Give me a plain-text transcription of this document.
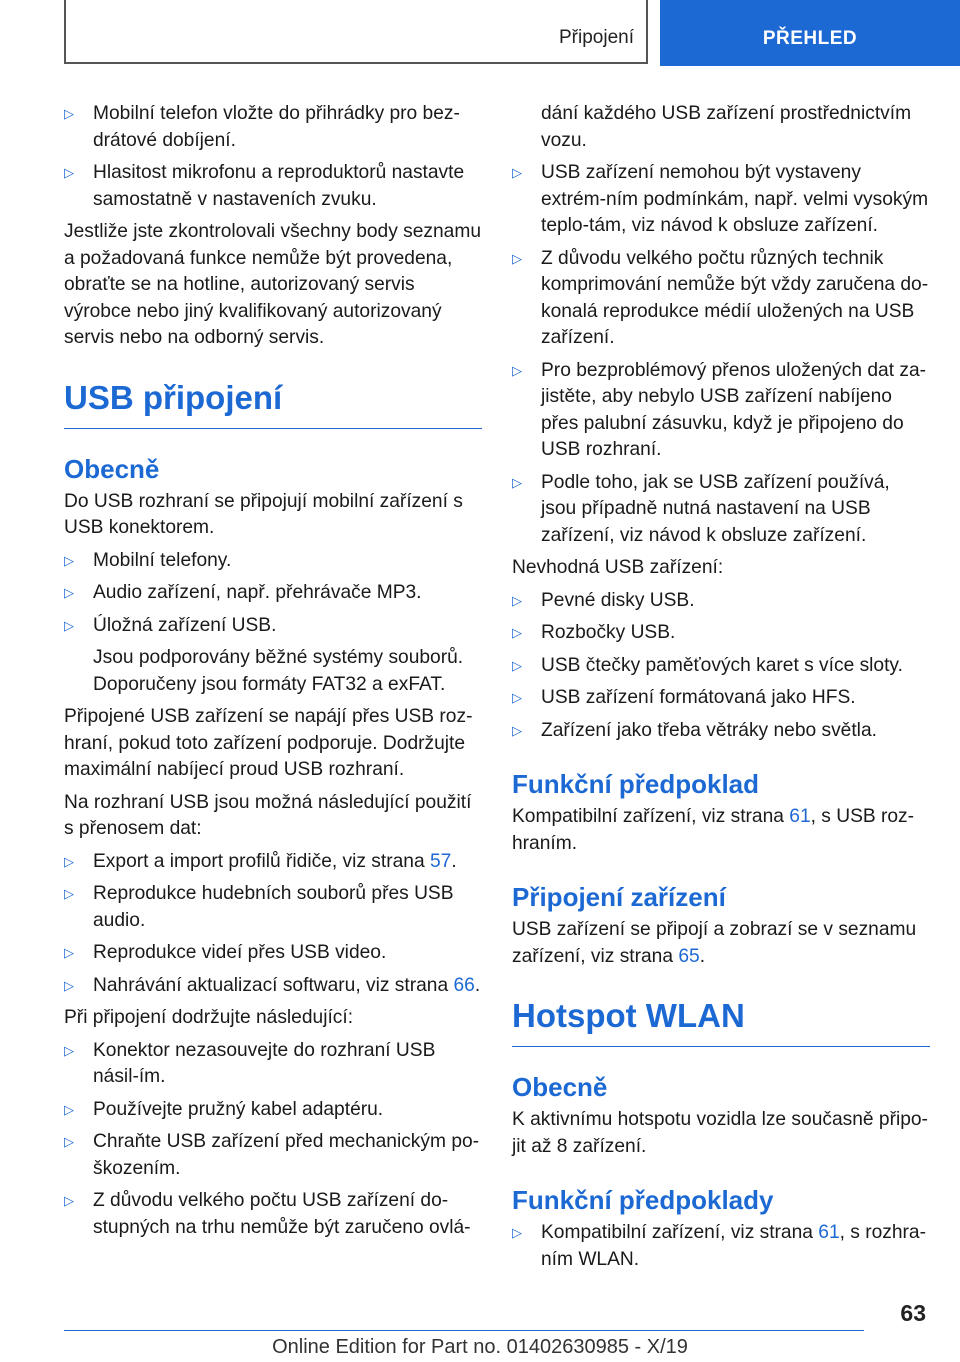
Připojení	PŘEHLED

▷ Mobilní telefon vložte do přihrádky pro bez‐drátové dobíjení.

▷ Hlasitost mikrofonu a reproduktorů nastavte samostatně v nastaveních zvuku.

Jestliže jste zkontrolovali všechny body seznamu a požadovaná funkce nemůže být provedena, obraťte se na hotline, autorizovaný servis výrobce nebo jiný kvalifikovaný autorizovaný servis nebo na odborný servis.

USB připojení
Obecně

Do USB rozhraní se připojují mobilní zařízení s USB konektorem.

▷ Mobilní telefony.

▷ Audio zařízení, např. přehrávače MP3.

▷ Úložná zařízení USB.

Jsou podporovány běžné systémy souborů. Doporučeny jsou formáty FAT32 a exFAT.

Připojené USB zařízení se napájí přes USB roz‐hraní, pokud toto zařízení podporuje. Dodržujte maximální nabíjecí proud USB rozhraní.

Na rozhraní USB jsou možná následující použití s přenosem dat:

▷ Export a import profilů řidiče, viz strana 57.

▷ Reprodukce hudebních souborů přes USB audio.

▷ Reprodukce videí přes USB video.

▷ Nahrávání aktualizací softwaru, viz strana 66.

Při připojení dodržujte následující:

▷ Konektor nezasouvejte do rozhraní USB násil‐ím.

▷ Používejte pružný kabel adaptéru.

▷ Chraňte USB zařízení před mechanickým po‐škozením.

▷ Z důvodu velkého počtu USB zařízení do‐stupných na trhu nemůže být zaručeno ovlá‐

dání každého USB zařízení prostřednictvím vozu.

▷ USB zařízení nemohou být vystaveny extrém‐ním podmínkám, např. velmi vysokým teplo‐tám, viz návod k obsluze zařízení.

▷ Z důvodu velkého počtu různých technik komprimování nemůže být vždy zaručena do‐konalá reprodukce médií uložených na USB zařízení.

▷ Pro bezproblémový přenos uložených dat za‐jistěte, aby nebylo USB zařízení nabíjeno přes palubní zásuvku, když je připojeno do USB rozhraní.

▷ Podle toho, jak se USB zařízení používá, jsou případně nutná nastavení na USB zařízení, viz návod k obsluze zařízení.

Nevhodná USB zařízení:

▷ Pevné disky USB.

▷ Rozbočky USB.

▷ USB čtečky paměťových karet s více sloty.

▷ USB zařízení formátovaná jako HFS.

▷ Zařízení jako třeba větráky nebo světla.

Funkční předpoklad

Kompatibilní zařízení, viz strana 61, s USB roz‐hraním.

Připojení zařízení

USB zařízení se připojí a zobrazí se v seznamu zařízení, viz strana 65.

Hotspot WLAN
Obecně

K aktivnímu hotspotu vozidla lze současně připo‐jit až 8 zařízení.

Funkční předpoklady

▷ Kompatibilní zařízení, viz strana 61, s rozhra‐ním WLAN.

63
Online Edition for Part no. 01402630985 - X/19
